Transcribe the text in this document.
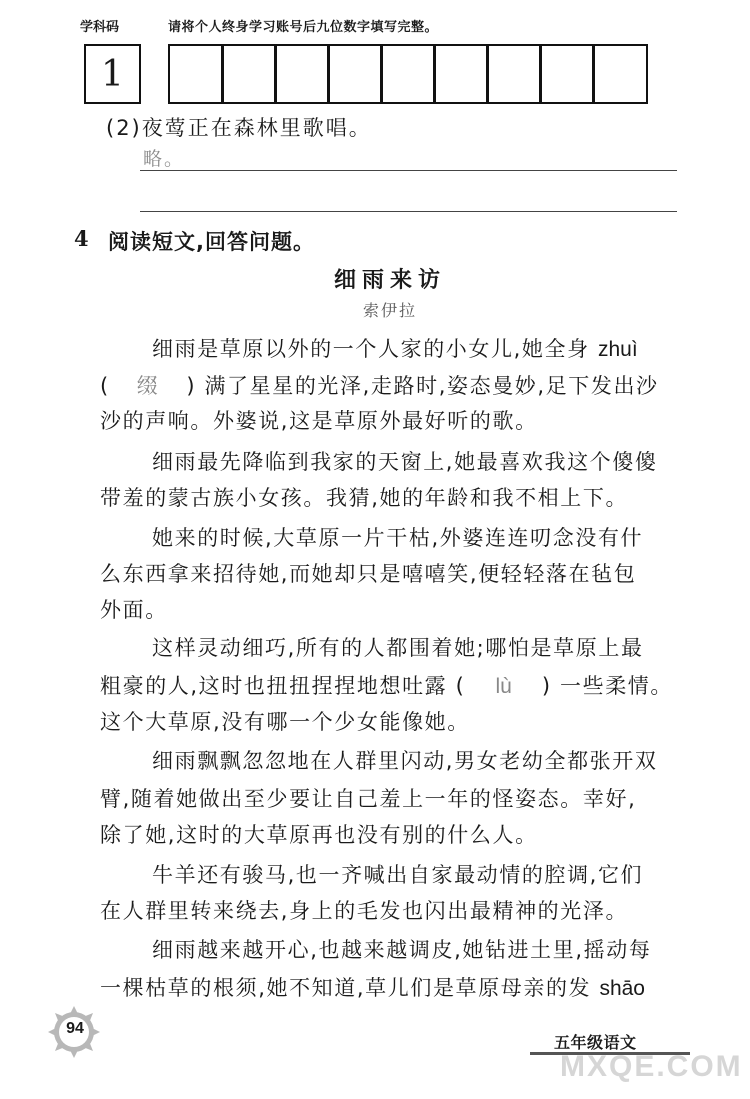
学科码	请将个人终身学习账号后九位数字填写完整。
1
(2)夜莺正在森林里歌唱。
略。
4 阅读短文,回答问题。
细雨来访
索伊拉
细雨是草原以外的一个人家的小女儿,她全身 zhuì
( 缀 ) 满了星星的光泽,走路时,姿态曼妙,足下发出沙
沙的声响。外婆说,这是草原外最好听的歌。
细雨最先降临到我家的天窗上,她最喜欢我这个傻傻
带羞的蒙古族小女孩。我猜,她的年龄和我不相上下。
她来的时候,大草原一片干枯,外婆连连叨念没有什
么东西拿来招待她,而她却只是嘻嘻笑,便轻轻落在毡包
外面。
这样灵动细巧,所有的人都围着她;哪怕是草原上最
粗豪的人,这时也扭扭捏捏地想吐露 ( lù ) 一些柔情。
这个大草原,没有哪一个少女能像她。
细雨飘飘忽忽地在人群里闪动,男女老幼全都张开双
臂,随着她做出至少要让自己羞上一年的怪姿态。幸好,
除了她,这时的大草原再也没有别的什么人。
牛羊还有骏马,也一齐喊出自家最动情的腔调,它们
在人群里转来绕去,身上的毛发也闪出最精神的光泽。
细雨越来越开心,也越来越调皮,她钻进土里,摇动每
一棵枯草的根须,她不知道,草儿们是草原母亲的发 shāo
94
五年级语文
MXQE.COM
